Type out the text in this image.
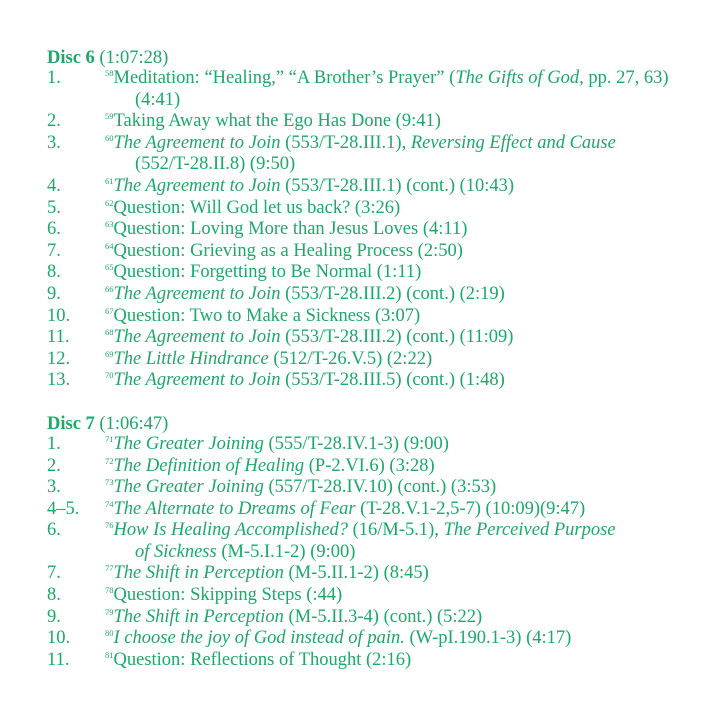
Disc 6 (1:07:28)
1.	$^{58}$Meditation: “Healing,” “A Brother’s Prayer” (The Gifts of God, pp. 27, 63)
(4:41)
2.	$^{59}$Taking Away what the Ego Has Done (9:41)
3.	$^{60}$The Agreement to Join (553/T-28.III.1), Reversing Effect and Cause
(552/T-28.II.8) (9:50)
4.	$^{61}$The Agreement to Join (553/T-28.III.1) (cont.) (10:43)
5.	$^{62}$Question: Will God let us back? (3:26)
6.	$^{63}$Question: Loving More than Jesus Loves (4:11)
7.	$^{64}$Question: Grieving as a Healing Process (2:50)
8.	$^{65}$Question: Forgetting to Be Normal (1:11)
9.	$^{66}$The Agreement to Join (553/T-28.III.2) (cont.) (2:19)
10.	$^{67}$Question: Two to Make a Sickness (3:07)
11.	$^{68}$The Agreement to Join (553/T-28.III.2) (cont.) (11:09)
12.	$^{69}$The Little Hindrance (512/T-26.V.5) (2:22)
13.	$^{70}$The Agreement to Join (553/T-28.III.5) (cont.) (1:48)
Disc 7 (1:06:47)
1.	$^{71}$The Greater Joining (555/T-28.IV.1-3) (9:00)
2.	$^{72}$The Definition of Healing (P-2.VI.6) (3:28)
3.	$^{73}$The Greater Joining (557/T-28.IV.10) (cont.) (3:53)
4–5.	$^{74}$The Alternate to Dreams of Fear (T-28.V.1-2,5-7) (10:09)(9:47)
6.	$^{76}$How Is Healing Accomplished? (16/M-5.1), The Perceived Purpose
of Sickness (M-5.I.1-2) (9:00)
7.	$^{77}$The Shift in Perception (M-5.II.1-2) (8:45)
8.	$^{78}$Question: Skipping Steps (:44)
9.	$^{79}$The Shift in Perception (M-5.II.3-4) (cont.) (5:22)
10.	$^{80}$I choose the joy of God instead of pain. (W-pI.190.1-3) (4:17)
11.	$^{81}$Question: Reflections of Thought (2:16)
